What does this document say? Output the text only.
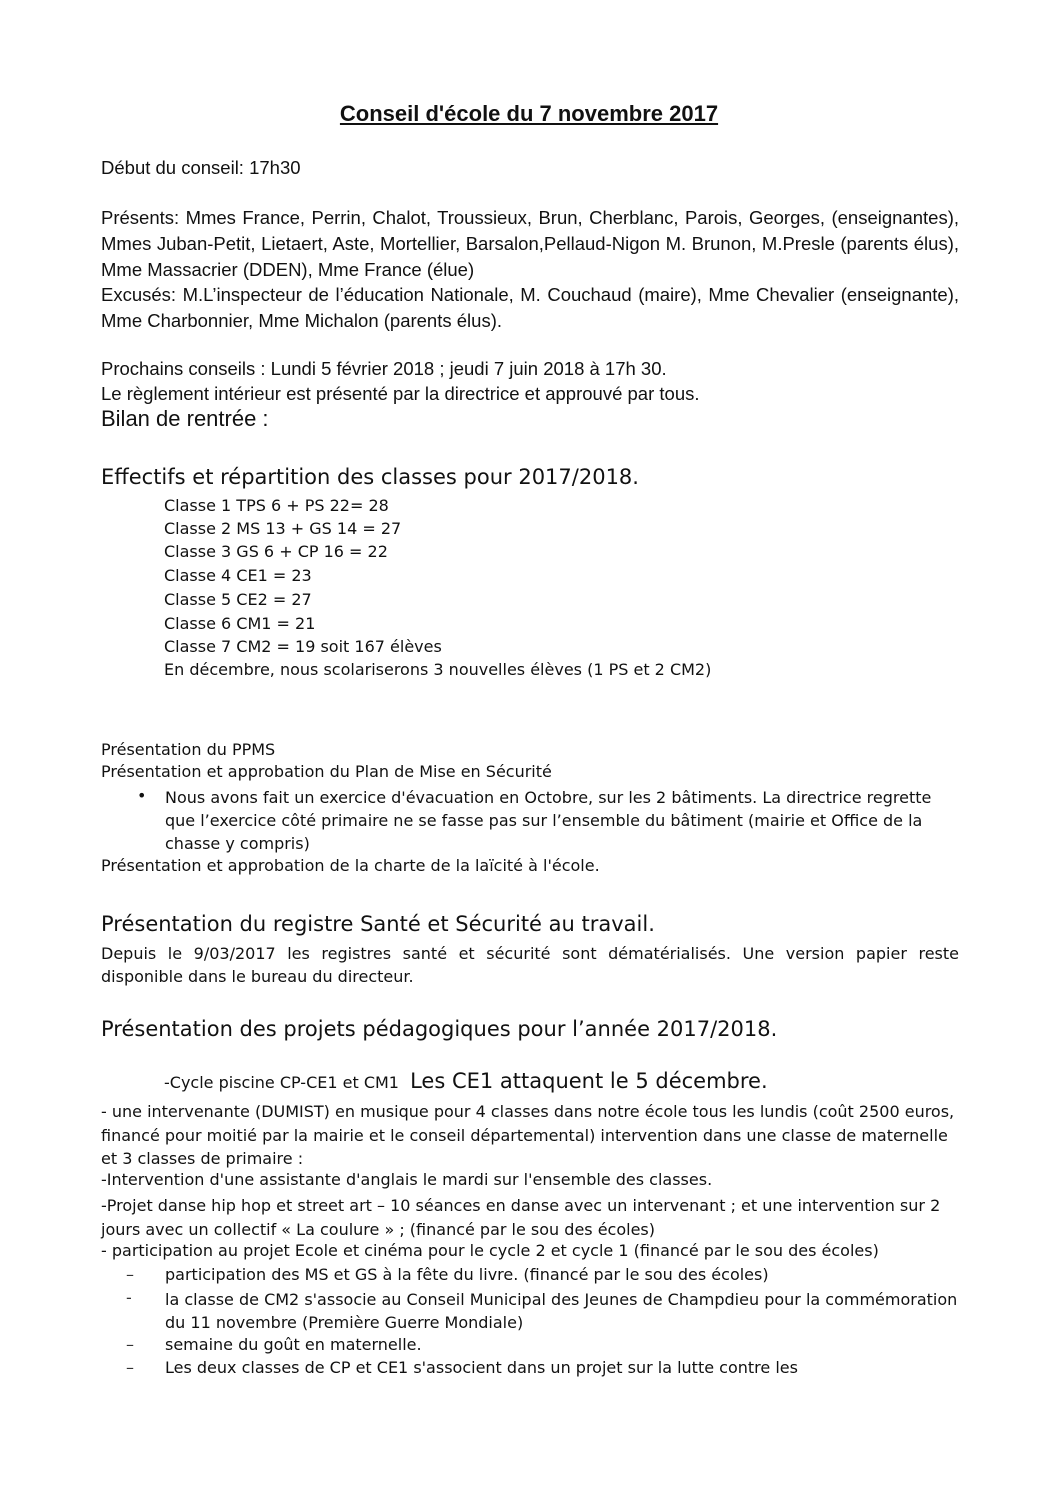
Conseil d'école du 7 novembre 2017

Début du conseil: 17h30

Présents: Mmes France, Perrin, Chalot, Troussieux, Brun, Cherblanc, Parois, Georges, (enseignantes), Mmes Juban-Petit, Lietaert, Aste, Mortellier, Barsalon,Pellaud-Nigon M. Brunon, M.Presle (parents élus), Mme Massacrier (DDEN), Mme France (élue)

Excusés: M.L’inspecteur de l’éducation Nationale, M. Couchaud (maire), Mme Chevalier (enseignante), Mme Charbonnier, Mme Michalon (parents élus).

Prochains conseils : Lundi 5 février 2018 ; jeudi 7 juin 2018 à 17h 30.

Le règlement intérieur est présenté par la directrice et approuvé par tous.

Bilan de rentrée :

Effectifs et répartition des classes pour 2017/2018.

Classe 1 TPS 6 + PS 22= 28

Classe 2 MS 13 + GS 14 = 27

Classe 3 GS 6 + CP 16 = 22

Classe 4 CE1 = 23

Classe 5 CE2 = 27

Classe 6 CM1 = 21

Classe 7 CM2 = 19 soit 167 élèves

En décembre, nous scolariserons 3 nouvelles élèves (1 PS et 2 CM2)

Présentation du PPMS

Présentation et approbation du Plan de Mise en Sécurité

• Nous avons fait un exercice d'évacuation en Octobre, sur les 2 bâtiments. La directrice regrette que l’exercice côté primaire ne se fasse pas sur l’ensemble du bâtiment (mairie et Office de la chasse y compris)

Présentation et approbation de la charte de la laïcité à l'école.

Présentation du registre Santé et Sécurité au travail.

Depuis le 9/03/2017 les registres santé et sécurité sont dématérialisés. Une version papier reste disponible dans le bureau du directeur.

Présentation des projets pédagogiques pour l’année 2017/2018.

-Cycle piscine CP-CE1 et CM1 Les CE1 attaquent le 5 décembre.

- une intervenante (DUMIST) en musique pour 4 classes dans notre école tous les lundis (coût 2500 euros, financé pour moitié par la mairie et le conseil départemental) intervention dans une classe de maternelle et 3 classes de primaire :

-Intervention d'une assistante d'anglais le mardi sur l'ensemble des classes.

-Projet danse hip hop et street art – 10 séances en danse avec un intervenant ; et une intervention sur 2 jours avec un collectif « La coulure » ; (financé par le sou des écoles)

- participation au projet Ecole et cinéma pour le cycle 2 et cycle 1 (financé par le sou des écoles)

– participation des MS et GS à la fête du livre. (financé par le sou des écoles)
- la classe de CM2 s'associe au Conseil Municipal des Jeunes de Champdieu pour la commémoration du 11 novembre (Première Guerre Mondiale)
– semaine du goût en maternelle.
– Les deux classes de CP et CE1 s'associent dans un projet sur la lutte contre les
